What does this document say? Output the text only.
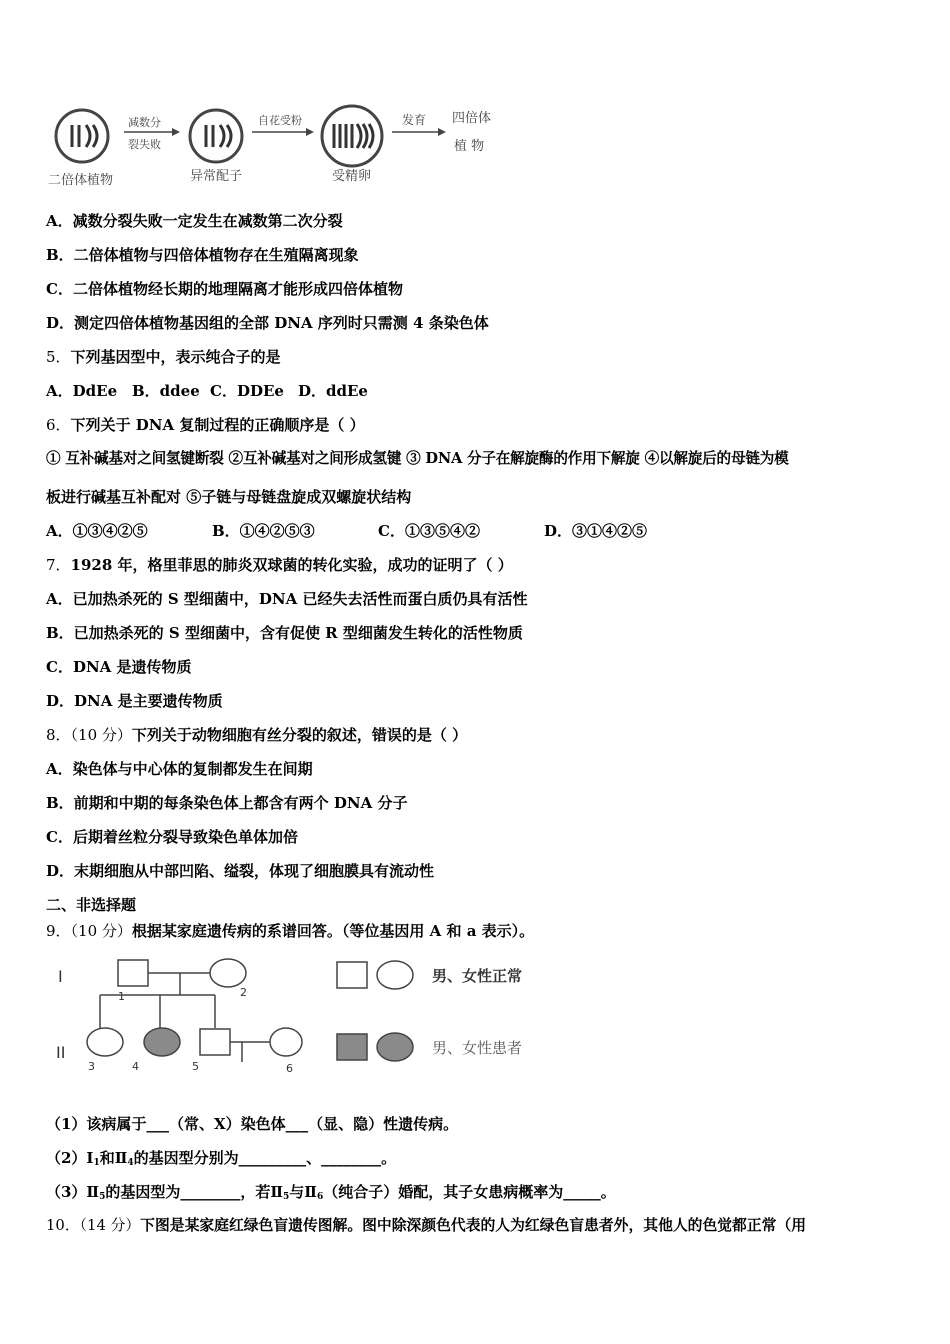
二倍体植物
减数分
裂失败
异常配子
自花受粉
受精卵
发育 四倍体
植 物
A．减数分裂失败一定发生在减数第二次分裂
B．二倍体植物与四倍体植物存在生殖隔离现象
C．二倍体植物经长期的地理隔离才能形成四倍体植物
D．测定四倍体植物基因组的全部 DNA 序列时只需测 4 条染色体
5．下列基因型中，表示纯合子的是
A．DdEe B．ddee C．DDEe D．ddEe
6．下列关于 DNA 复制过程的正确顺序是（ ）
① 互补碱基对之间氢键断裂 ②互补碱基对之间形成氢键 ③ DNA 分子在解旋酶的作用下解旋 ④以解旋后的母链为模
板进行碱基互补配对 ⑤子链与母链盘旋成双螺旋状结构
A．①③④②⑤	B．①④②⑤③	C．①③⑤④②	D．③①④②⑤
7．1928 年，格里菲思的肺炎双球菌的转化实验，成功的证明了（ ）
A．已加热杀死的 S 型细菌中，DNA 已经失去活性而蛋白质仍具有活性
B．已加热杀死的 S 型细菌中，含有促使 R 型细菌发生转化的活性物质
C．DNA 是遗传物质
D．DNA 是主要遗传物质
8．（10 分）下列关于动物细胞有丝分裂的叙述，错误的是（ ）
A．染色体与中心体的复制都发生在间期
B．前期和中期的每条染色体上都含有两个 DNA 分子
C．后期着丝粒分裂导致染色单体加倍
D．末期细胞从中部凹陷、缢裂，体现了细胞膜具有流动性
二、非选择题
9．（10 分）根据某家庭遗传病的系谱回答。（等位基因用 A 和 a 表示）。
I
II
1	2
3	4	5	6
男、女性正常
男、女性患者
（1）该病属于___（常、X）染色体___（显、隐）性遗传病。
$(2)Ⅰ_1$和$Ⅱ_4$的基因型分别为_________、________。
$(3)Ⅱ_5$的基因型为________，若$Ⅱ_5$与$Ⅱ_6$（纯合子）婚配，其子女患病概率为_____。
10．（14 分）下图是某家庭红绿色盲遗传图解。图中除深颜色代表的人为红绿色盲患者外，其他人的色觉都正常（用
